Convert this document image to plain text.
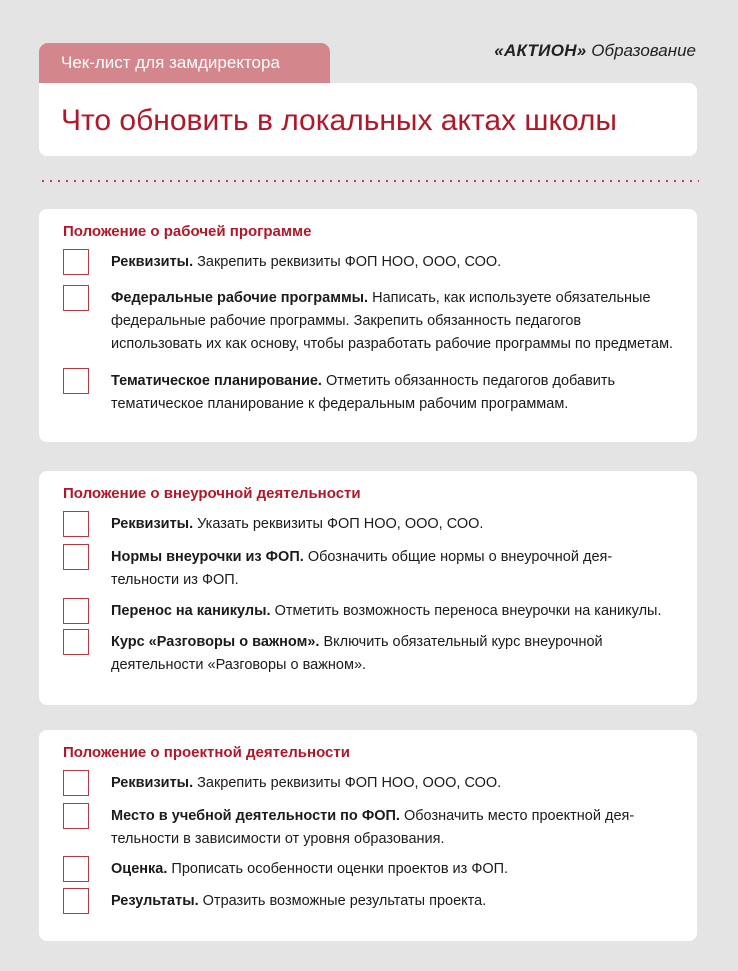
Чек-лист для замдиректора
«АКТИОН» Образование
Что обновить в локальных актах школы
Положение о рабочей программе

Реквизиты. Закрепить реквизиты ФОП НОО, ООО, СОО.

Федеральные рабочие программы. Написать, как используете обязательные федеральные рабочие программы. Закрепить обязанность педагогов использовать их как основу, чтобы разработать рабочие программы по предметам.

Тематическое планирование. Отметить обязанность педагогов добавить тематическое планирование к федеральным рабочим программам.

Положение о внеурочной деятельности

Реквизиты. Указать реквизиты ФОП НОО, ООО, СОО.

Нормы внеурочки из ФОП. Обозначить общие нормы о внеурочной деятельности из ФОП.

Перенос на каникулы. Отметить возможность переноса внеурочки на каникулы.

Курс «Разговоры о важном». Включить обязательный курс внеурочной деятельности «Разговоры о важном».

Положение о проектной деятельности

Реквизиты. Закрепить реквизиты ФОП НОО, ООО, СОО.

Место в учебной деятельности по ФОП. Обозначить место проектной деятельности в зависимости от уровня образования.

Оценка. Прописать особенности оценки проектов из ФОП.

Результаты. Отразить возможные результаты проекта.
